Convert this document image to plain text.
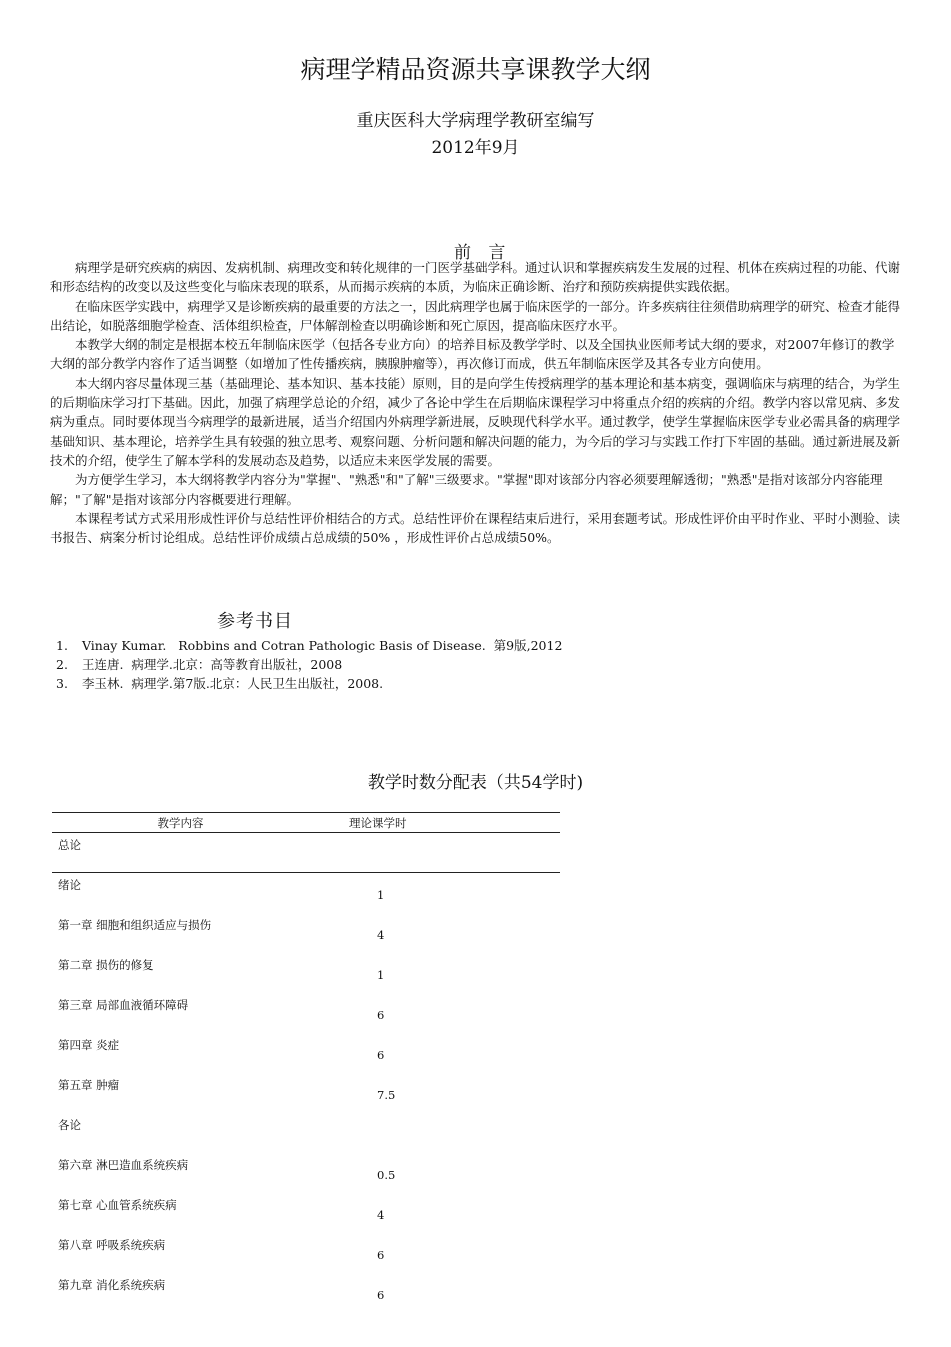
病理学精品资源共享课教学大纲
重庆医科大学病理学教研室编写
2012年9月
前 言

病理学是研究疾病的病因、发病机制、病理改变和转化规律的一门医学基础学科。通过认识和掌握疾病发生发展的过程、机体在疾病过程的功能、代谢和形态结构的改变以及这些变化与临床表现的联系，从而揭示疾病的本质，为临床正确诊断、治疗和预防疾病提供实践依据。

在临床医学实践中，病理学又是诊断疾病的最重要的方法之一，因此病理学也属于临床医学的一部分。许多疾病往往须借助病理学的研究、检查才能得出结论，如脱落细胞学检查、活体组织检查，尸体解剖检查以明确诊断和死亡原因，提高临床医疗水平。

本教学大纲的制定是根据本校五年制临床医学（包括各专业方向）的培养目标及教学学时、以及全国执业医师考试大纲的要求，对2007年修订的教学大纲的部分教学内容作了适当调整（如增加了性传播疾病，胰腺肿瘤等），再次修订而成，供五年制临床医学及其各专业方向使用。

本大纲内容尽量体现三基（基础理论、基本知识、基本技能）原则，目的是向学生传授病理学的基本理论和基本病变，强调临床与病理的结合，为学生的后期临床学习打下基础。因此，加强了病理学总论的介绍，减少了各论中学生在后期临床课程学习中将重点介绍的疾病的介绍。教学内容以常见病、多发病为重点。同时要体现当今病理学的最新进展，适当介绍国内外病理学新进展，反映现代科学水平。通过教学，使学生掌握临床医学专业必需具备的病理学基础知识、基本理论，培养学生具有较强的独立思考、观察问题、分析问题和解决问题的能力，为今后的学习与实践工作打下牢固的基础。通过新进展及新技术的介绍，使学生了解本学科的发展动态及趋势，以适应未来医学发展的需要。

为方便学生学习，本大纲将教学内容分为"掌握"、"熟悉"和"了解"三级要求。"掌握"即对该部分内容必须要理解透彻；"熟悉"是指对该部分内容能理解；"了解"是指对该部分内容概要进行理解。

本课程考试方式采用形成性评价与总结性评价相结合的方式。总结性评价在课程结束后进行，采用套题考试。形成性评价由平时作业、平时小测验、读书报告、病案分析讨论组成。总结性评价成绩占总成绩的50% ，形成性评价占总成绩50%。

参考书目
1. Vinay Kumar.   Robbins and Cotran Pathologic Basis of Disease.  第9版,2012
2. 王连唐.  病理学.北京：高等教育出版社，2008
3. 李玉林.  病理学.第7版.北京：人民卫生出版社，2008.
教学时数分配表（共54学时)
教学内容	理论课学时
总论	
绪论	1
第一章 细胞和组织适应与损伤	4
第二章 损伤的修复	1
第三章 局部血液循环障碍	6
第四章 炎症	6
第五章 肿瘤	7.5
各论	
第六章 淋巴造血系统疾病	0.5
第七章 心血管系统疾病	4
第八章 呼吸系统疾病	6
第九章 消化系统疾病	6
